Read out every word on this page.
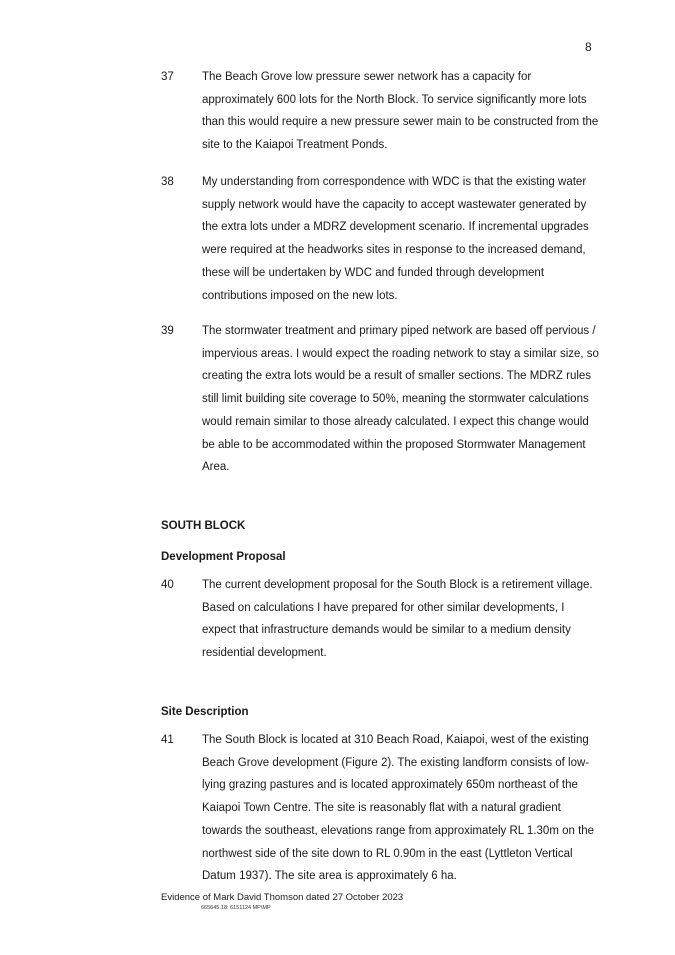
8
37 The Beach Grove low pressure sewer network has a capacity for approximately 600 lots for the North Block. To service significantly more lots than this would require a new pressure sewer main to be constructed from the site to the Kaiapoi Treatment Ponds.
38 My understanding from correspondence with WDC is that the existing water supply network would have the capacity to accept wastewater generated by the extra lots under a MDRZ development scenario. If incremental upgrades were required at the headworks sites in response to the increased demand, these will be undertaken by WDC and funded through development contributions imposed on the new lots.
39 The stormwater treatment and primary piped network are based off pervious / impervious areas. I would expect the roading network to stay a similar size, so creating the extra lots would be a result of smaller sections. The MDRZ rules still limit building site coverage to 50%, meaning the stormwater calculations would remain similar to those already calculated. I expect this change would be able to be accommodated within the proposed Stormwater Management Area.
SOUTH BLOCK
Development Proposal
40 The current development proposal for the South Block is a retirement village. Based on calculations I have prepared for other similar developments, I expect that infrastructure demands would be similar to a medium density residential development.
Site Description
41 The South Block is located at 310 Beach Road, Kaiapoi, west of the existing Beach Grove development (Figure 2). The existing landform consists of low-lying grazing pastures and is located approximately 650m northeast of the Kaiapoi Town Centre. The site is reasonably flat with a natural gradient towards the southeast, elevations range from approximately RL 1.30m on the northwest side of the site down to RL 0.90m in the east (Lyttleton Vertical Datum 1937). The site area is approximately 6 ha.
Evidence of Mark David Thomson dated 27 October 2023
665645.18: 6151124 MP\MP
